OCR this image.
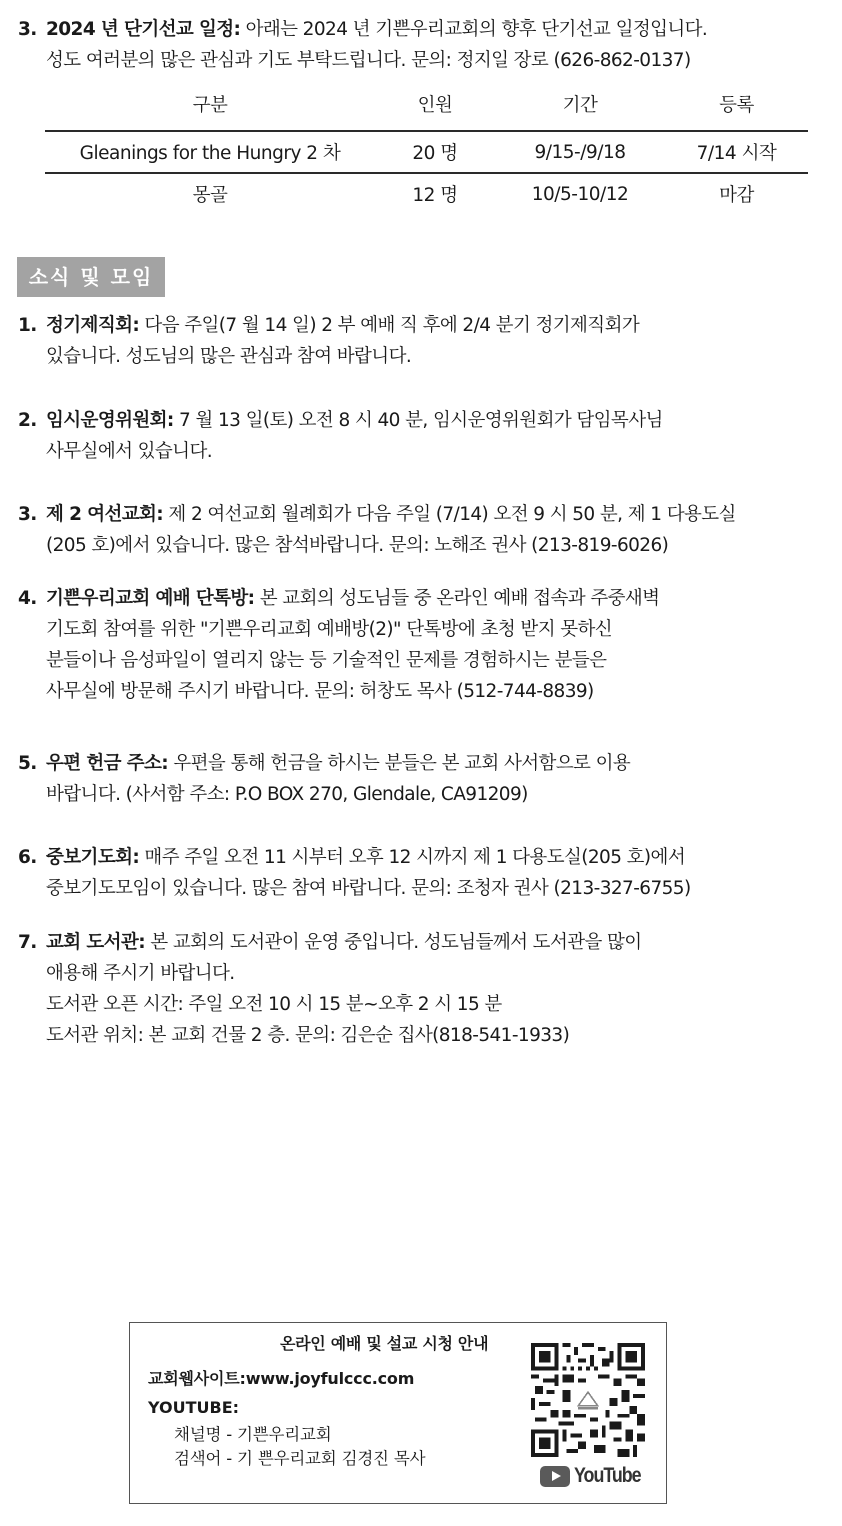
3. 2024 년 단기선교 일정: 아래는 2024 년 기쁜우리교회의 향후 단기선교 일정입니다.
성도 여러분의 많은 관심과 기도 부탁드립니다. 문의: 정지일 장로 (626-862-0137)
구분	인원	기간	등록
Gleanings for the Hungry 2 차	20 명	9/15-/9/18	7/14 시작
몽골	12 명	10/5-10/12	마감
소식 및 모임
1. 정기제직회: 다음 주일(7 월 14 일) 2 부 예배 직 후에 2/4 분기 정기제직회가
있습니다. 성도님의 많은 관심과 참여 바랍니다.
2. 임시운영위원회: 7 월 13 일(토) 오전 8 시 40 분, 임시운영위원회가 담임목사님
사무실에서 있습니다.
3. 제 2 여선교회: 제 2 여선교회 월례회가 다음 주일 (7/14) 오전 9 시 50 분, 제 1 다용도실
(205 호)에서 있습니다. 많은 참석바랍니다. 문의: 노해조 권사 (213-819-6026)
4. 기쁜우리교회 예배 단톡방: 본 교회의 성도님들 중 온라인 예배 접속과 주중새벽
기도회 참여를 위한 "기쁜우리교회 예배방(2)" 단톡방에 초청 받지 못하신
분들이나 음성파일이 열리지 않는 등 기술적인 문제를 경험하시는 분들은
사무실에 방문해 주시기 바랍니다. 문의: 허창도 목사 (512-744-8839)
5. 우편 헌금 주소: 우편을 통해 헌금을 하시는 분들은 본 교회 사서함으로 이용
바랍니다. (사서함 주소: P.O BOX 270, Glendale, CA91209)
6. 중보기도회: 매주 주일 오전 11 시부터 오후 12 시까지 제 1 다용도실(205 호)에서
중보기도모임이 있습니다. 많은 참여 바랍니다. 문의: 조청자 권사 (213-327-6755)
7. 교회 도서관: 본 교회의 도서관이 운영 중입니다. 성도님들께서 도서관을 많이
애용해 주시기 바랍니다.
도서관 오픈 시간: 주일 오전 10 시 15 분~오후 2 시 15 분
도서관 위치: 본 교회 건물 2 층. 문의: 김은순 집사(818-541-1933)
온라인 예배 및 설교 시청 안내
교회웹사이트:www.joyfulccc.com
YOUTUBE:
채널명 - 기쁜우리교회
검색어 - 기 쁜우리교회 김경진 목사
YouTube
